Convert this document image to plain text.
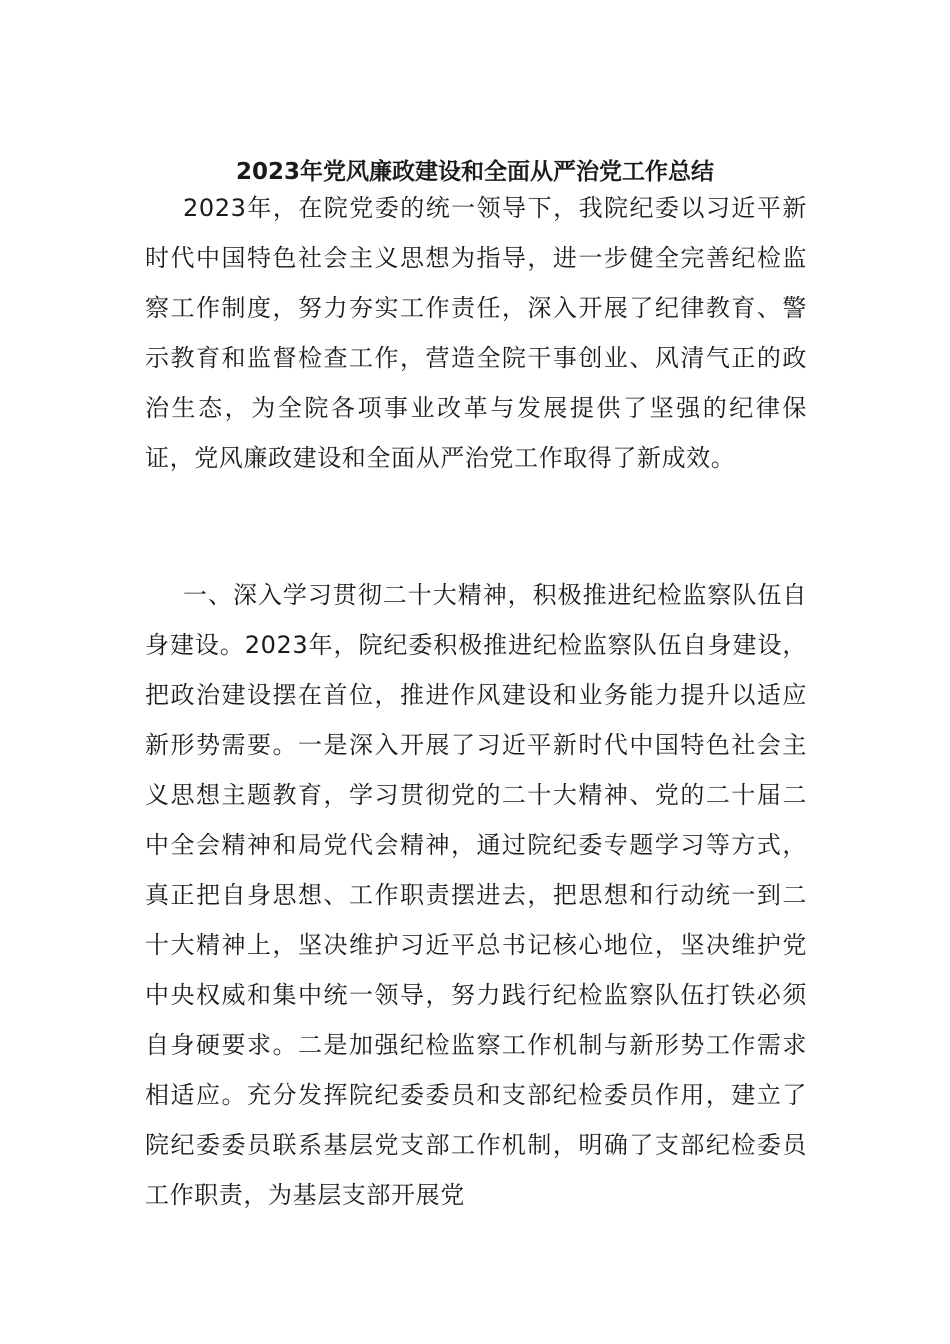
2023年党风廉政建设和全面从严治党工作总结

2023年，在院党委的统一领导下，我院纪委以习近平新时代中国特色社会主义思想为指导，进一步健全完善纪检监察工作制度，努力夯实工作责任，深入开展了纪律教育、警示教育和监督检查工作，营造全院干事创业、风清气正的政治生态，为全院各项事业改革与发展提供了坚强的纪律保证，党风廉政建设和全面从严治党工作取得了新成效。

一、深入学习贯彻二十大精神，积极推进纪检监察队伍自身建设。2023年，院纪委积极推进纪检监察队伍自身建设，把政治建设摆在首位，推进作风建设和业务能力提升以适应新形势需要。一是深入开展了习近平新时代中国特色社会主义思想主题教育，学习贯彻党的二十大精神、党的二十届二中全会精神和局党代会精神，通过院纪委专题学习等方式，真正把自身思想、工作职责摆进去，把思想和行动统一到二十大精神上，坚决维护习近平总书记核心地位，坚决维护党中央权威和集中统一领导，努力践行纪检监察队伍打铁必须自身硬要求。二是加强纪检监察工作机制与新形势工作需求相适应。充分发挥院纪委委员和支部纪检委员作用，建立了院纪委委员联系基层党支部工作机制，明确了支部纪检委员工作职责，为基层支部开展党
